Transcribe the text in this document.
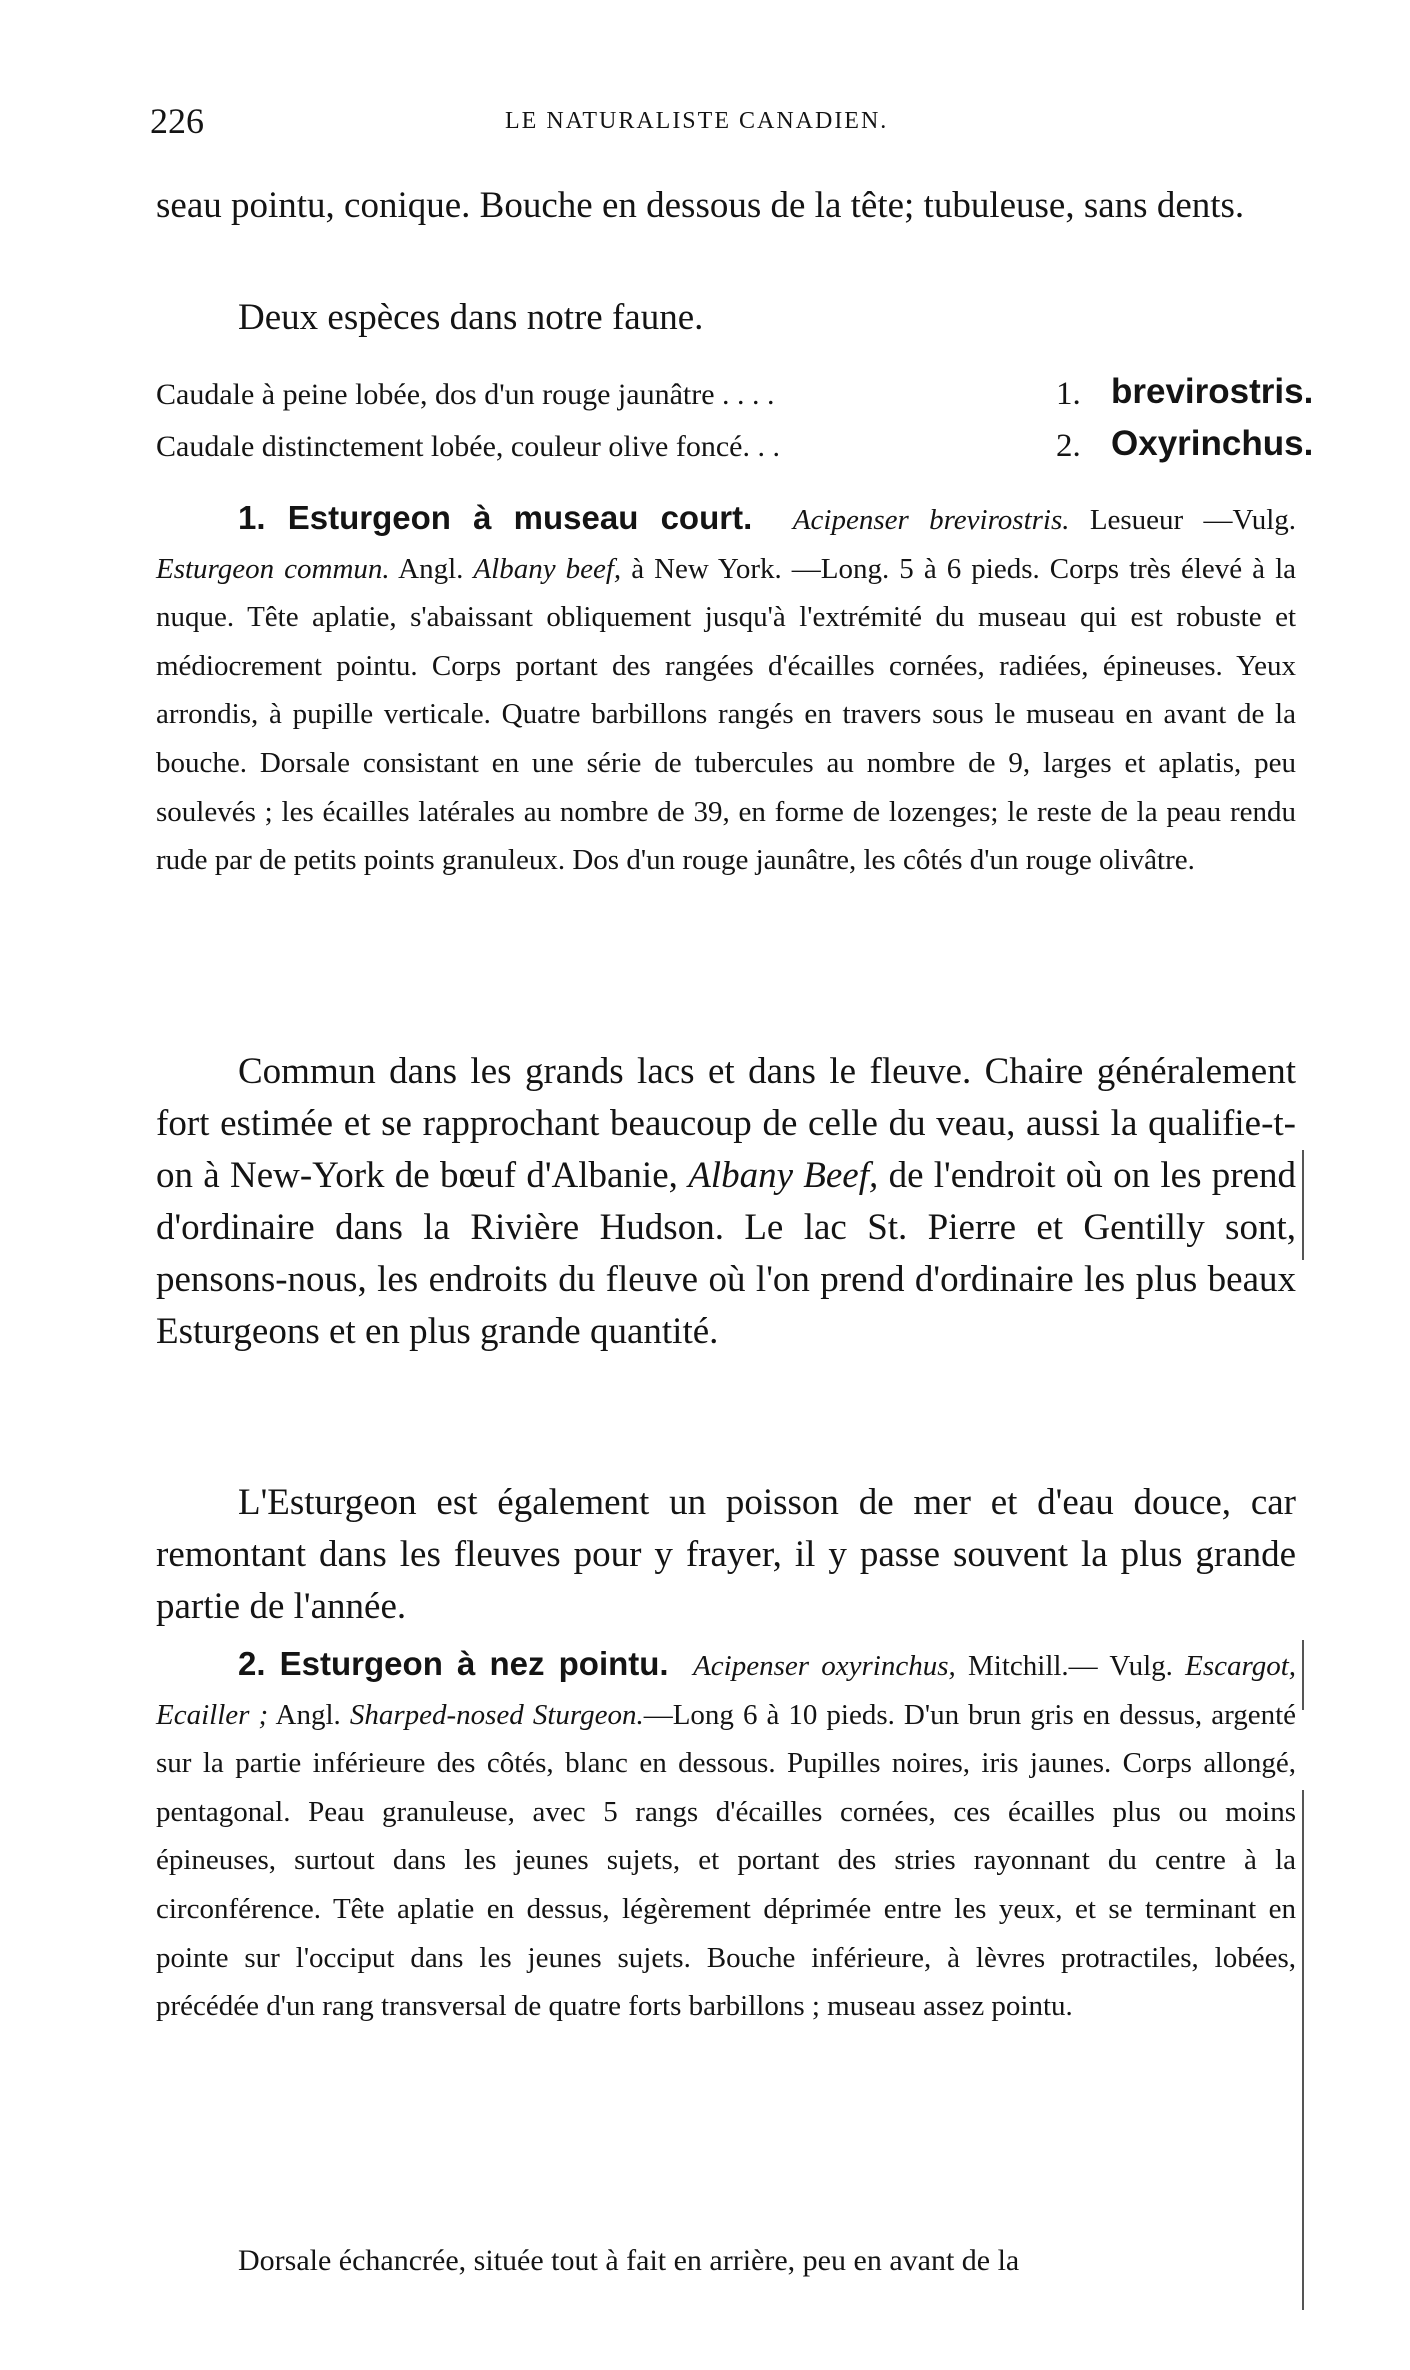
226	LE NATURALISTE CANADIEN.

seau pointu, conique. Bouche en dessous de la tête; tubuleuse, sans dents.

Deux espèces dans notre faune.

Caudale à peine lobée, dos d'un rouge jaunâtre . . . .	1. brevirostris.
Caudale distinctement lobée, couleur olive foncé. . .	2. Oxyrinchus.

1. Esturgeon à museau court. Acipenser brevirostris. Lesueur —Vulg. Esturgeon commun. Angl. Albany beef, à New York. —Long. 5 à 6 pieds. Corps très élevé à la nuque. Tête aplatie, s'abaissant obliquement jusqu'à l'extrémité du museau qui est robuste et médiocrement pointu. Corps portant des rangées d'écailles cornées, radiées, épineuses. Yeux arrondis, à pupille verticale. Quatre barbillons rangés en travers sous le museau en avant de la bouche. Dorsale consistant en une série de tubercules au nombre de 9, larges et aplatis, peu soulevés ; les écailles latérales au nombre de 39, en forme de lozenges; le reste de la peau rendu rude par de petits points granuleux. Dos d'un rouge jaunâtre, les côtés d'un rouge olivâtre.

Commun dans les grands lacs et dans le fleuve. Chaire généralement fort estimée et se rapprochant beaucoup de celle du veau, aussi la qualifie-t-on à New-York de bœuf d'Albanie, Albany Beef, de l'endroit où on les prend d'ordinaire dans la Rivière Hudson. Le lac St. Pierre et Gentilly sont, pensons-nous, les endroits du fleuve où l'on prend d'ordinaire les plus beaux Esturgeons et en plus grande quantité.

L'Esturgeon est également un poisson de mer et d'eau douce, car remontant dans les fleuves pour y frayer, il y passe souvent la plus grande partie de l'année.

2. Esturgeon à nez pointu. Acipenser oxyrinchus, Mitchill.— Vulg. Escargot, Ecailler ; Angl. Sharped-nosed Sturgeon.—Long 6 à 10 pieds. D'un brun gris en dessus, argenté sur la partie inférieure des côtés, blanc en dessous. Pupilles noires, iris jaunes. Corps allongé, pentagonal. Peau granuleuse, avec 5 rangs d'écailles cornées, ces écailles plus ou moins épineuses, surtout dans les jeunes sujets, et portant des stries rayonnant du centre à la circonférence. Tête aplatie en dessus, légèrement déprimée entre les yeux, et se terminant en pointe sur l'occiput dans les jeunes sujets. Bouche inférieure, à lèvres protractiles, lobées, précédée d'un rang transversal de quatre forts barbillons ; museau assez pointu.

Dorsale échancrée, située tout à fait en arrière, peu en avant de la
